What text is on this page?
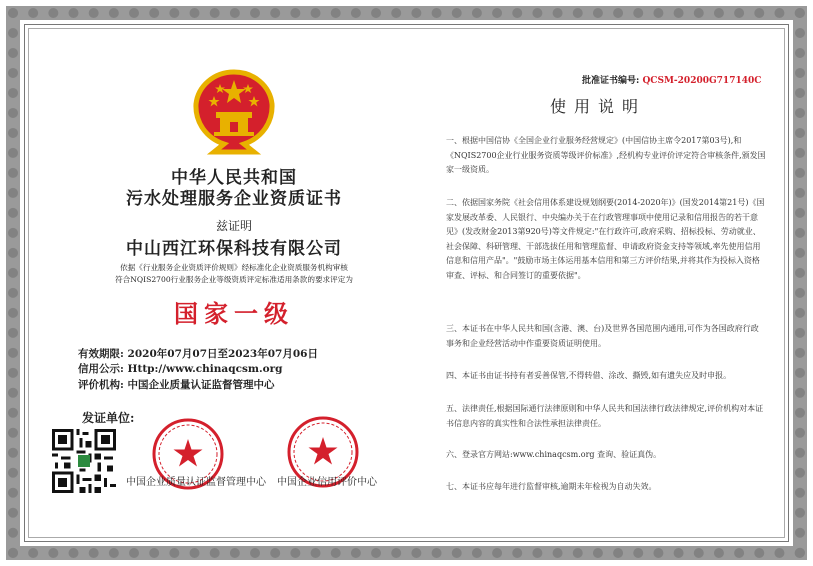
中华人民共和国
污水处理服务企业资质证书
兹证明
中山西江环保科技有限公司
依据《行业服务企业资质评价规则》经标准化企业资质服务机构审核
符合NQIS2700行业服务企业等级资质评定标准适用条款的要求评定为
国家一级
有效期限: 2020年07月07日至2023年07月06日
信用公示: Http://www.chinaqcsm.org
评价机构: 中国企业质量认证监督管理中心
发证单位:
中国企业质量认证监督管理中心	中国企业信用评价中心
批准证书编号: QCSM-20200G717140C
使用说明
一、根据中国信协《全国企业行业服务经营规定》(中国信协主席令2017第03号),和《NQIS2700企业行业服务资质等级评价标准》,经机构专业评价评定符合审核条件,颁发国家一级资质。
二、依据国家务院《社会信用体系建设规划纲要(2014-2020年)》(国发2014第21号)《国家发展改革委、人民银行、中央编办关于在行政管理事项中使用记录和信用报告的若干意见》(发改财金2013第920号)等文件规定:"在行政许可,政府采购、招标投标、劳动就业、社会保障、科研管理、干部选拔任用和管理监督、申请政府资金支持等领域,率先使用信用信息和信用产品"。"鼓励市场主体运用基本信用和第三方评价结果,并将其作为投标入资格审查、评标、和合同签订的重要依据"。
三、本证书在中华人民共和国(含港、澳、台)及世界各国范围内通用,可作为各国政府行政事务和企业经营活动中作重要资质证明使用。
四、本证书由证书持有者妥善保管,不得转借、涂改、撕毁,如有遗失应及时申报。
五、法律责任,根据国际通行法律原则和中华人民共和国法律行政法律规定,评价机构对本证书信息内容的真实性和合法性承担法律责任。
六、登录官方网站:www.chinaqcsm.org 查询、验证真伪。
七、本证书应每年进行监督审核,逾期未年检视为自动失效。
